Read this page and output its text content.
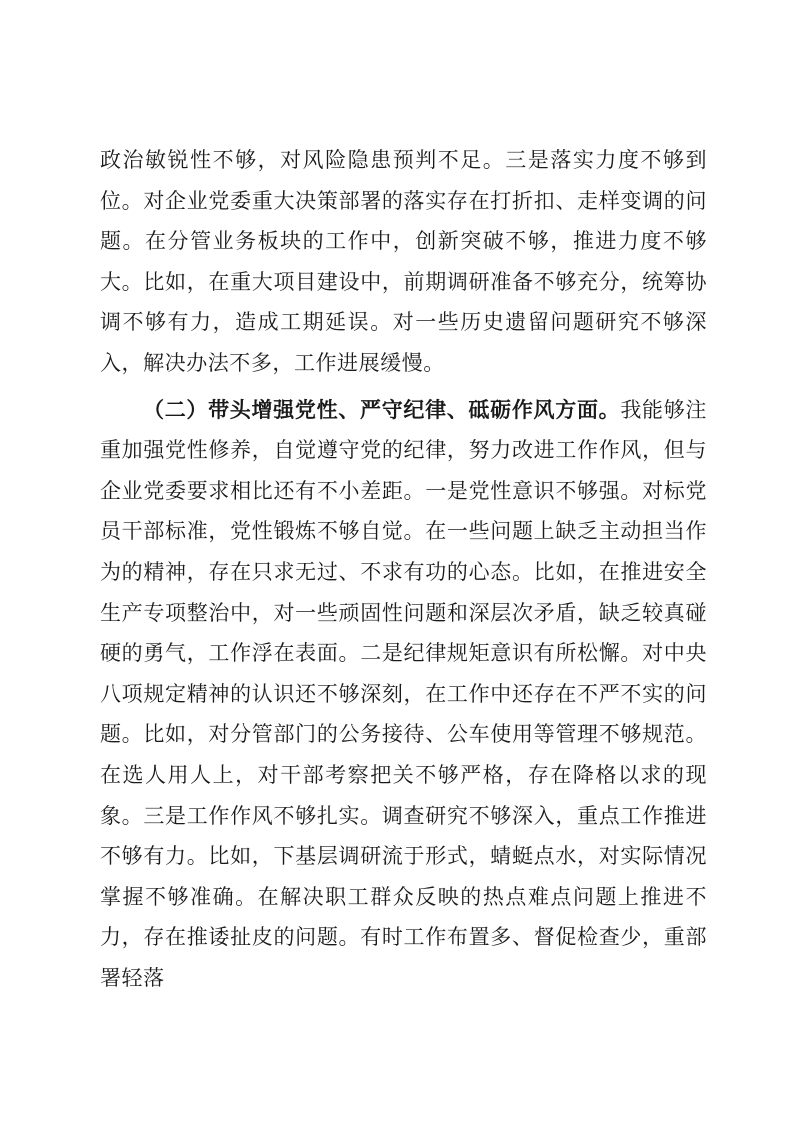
政治敏锐性不够，对风险隐患预判不足。三是落实力度不够到位。对企业党委重大决策部署的落实存在打折扣、走样变调的问题。在分管业务板块的工作中，创新突破不够，推进力度不够大。比如，在重大项目建设中，前期调研准备不够充分，统筹协调不够有力，造成工期延误。对一些历史遗留问题研究不够深入，解决办法不多，工作进展缓慢。

（二）带头增强党性、严守纪律、砥砺作风方面。我能够注重加强党性修养，自觉遵守党的纪律，努力改进工作作风，但与企业党委要求相比还有不小差距。一是党性意识不够强。对标党员干部标准，党性锻炼不够自觉。在一些问题上缺乏主动担当作为的精神，存在只求无过、不求有功的心态。比如，在推进安全生产专项整治中，对一些顽固性问题和深层次矛盾，缺乏较真碰硬的勇气，工作浮在表面。二是纪律规矩意识有所松懈。对中央八项规定精神的认识还不够深刻，在工作中还存在不严不实的问题。比如，对分管部门的公务接待、公车使用等管理不够规范。在选人用人上，对干部考察把关不够严格，存在降格以求的现象。三是工作作风不够扎实。调查研究不够深入，重点工作推进不够有力。比如，下基层调研流于形式，蜻蜓点水，对实际情况掌握不够准确。在解决职工群众反映的热点难点问题上推进不力，存在推诿扯皮的问题。有时工作布置多、督促检查少，重部署轻落
